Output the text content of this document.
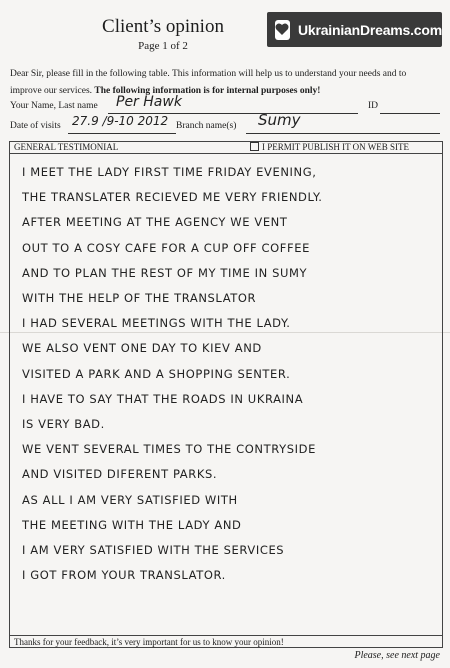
Client’s opinion
Page 1 of 2
UkrainianDreams.com
Dear Sir, please fill in the following table. This information will help us to understand your needs and to
improve our services. The following information is for internal purposes only!
Your Name, Last name Per Hawk	ID
Date of visits 27.9 /9-10 2012 Branch name(s) Sumy
GENERAL TESTIMONIAL	I PERMIT PUBLISH IT ON WEB SITE
I MEET THE LADY FIRST TIME FRIDAY EVENING,
THE TRANSLATER RECIEVED ME VERY FRIENDLY.
AFTER MEETING AT THE AGENCY WE VENT
OUT TO A COSY CAFE FOR A CUP OFF COFFEE
AND TO PLAN THE REST OF MY TIME IN SUMY
WITH THE HELP OF THE TRANSLATOR
I HAD SEVERAL MEETINGS WITH THE LADY.
WE ALSO VENT ONE DAY TO KIEV AND
VISITED A PARK AND A SHOPPING SENTER.
I HAVE TO SAY THAT THE ROADS IN UKRAINA
IS VERY BAD.
WE VENT SEVERAL TIMES TO THE CONTRYSIDE
AND VISITED DIFERENT PARKS.
AS ALL I AM VERY SATISFIED WITH
THE MEETING WITH THE LADY AND
I AM VERY SATISFIED WITH THE SERVICES
I GOT FROM YOUR TRANSLATOR.
Thanks for your feedback, it’s very important for us to know your opinion!
Please, see next page
